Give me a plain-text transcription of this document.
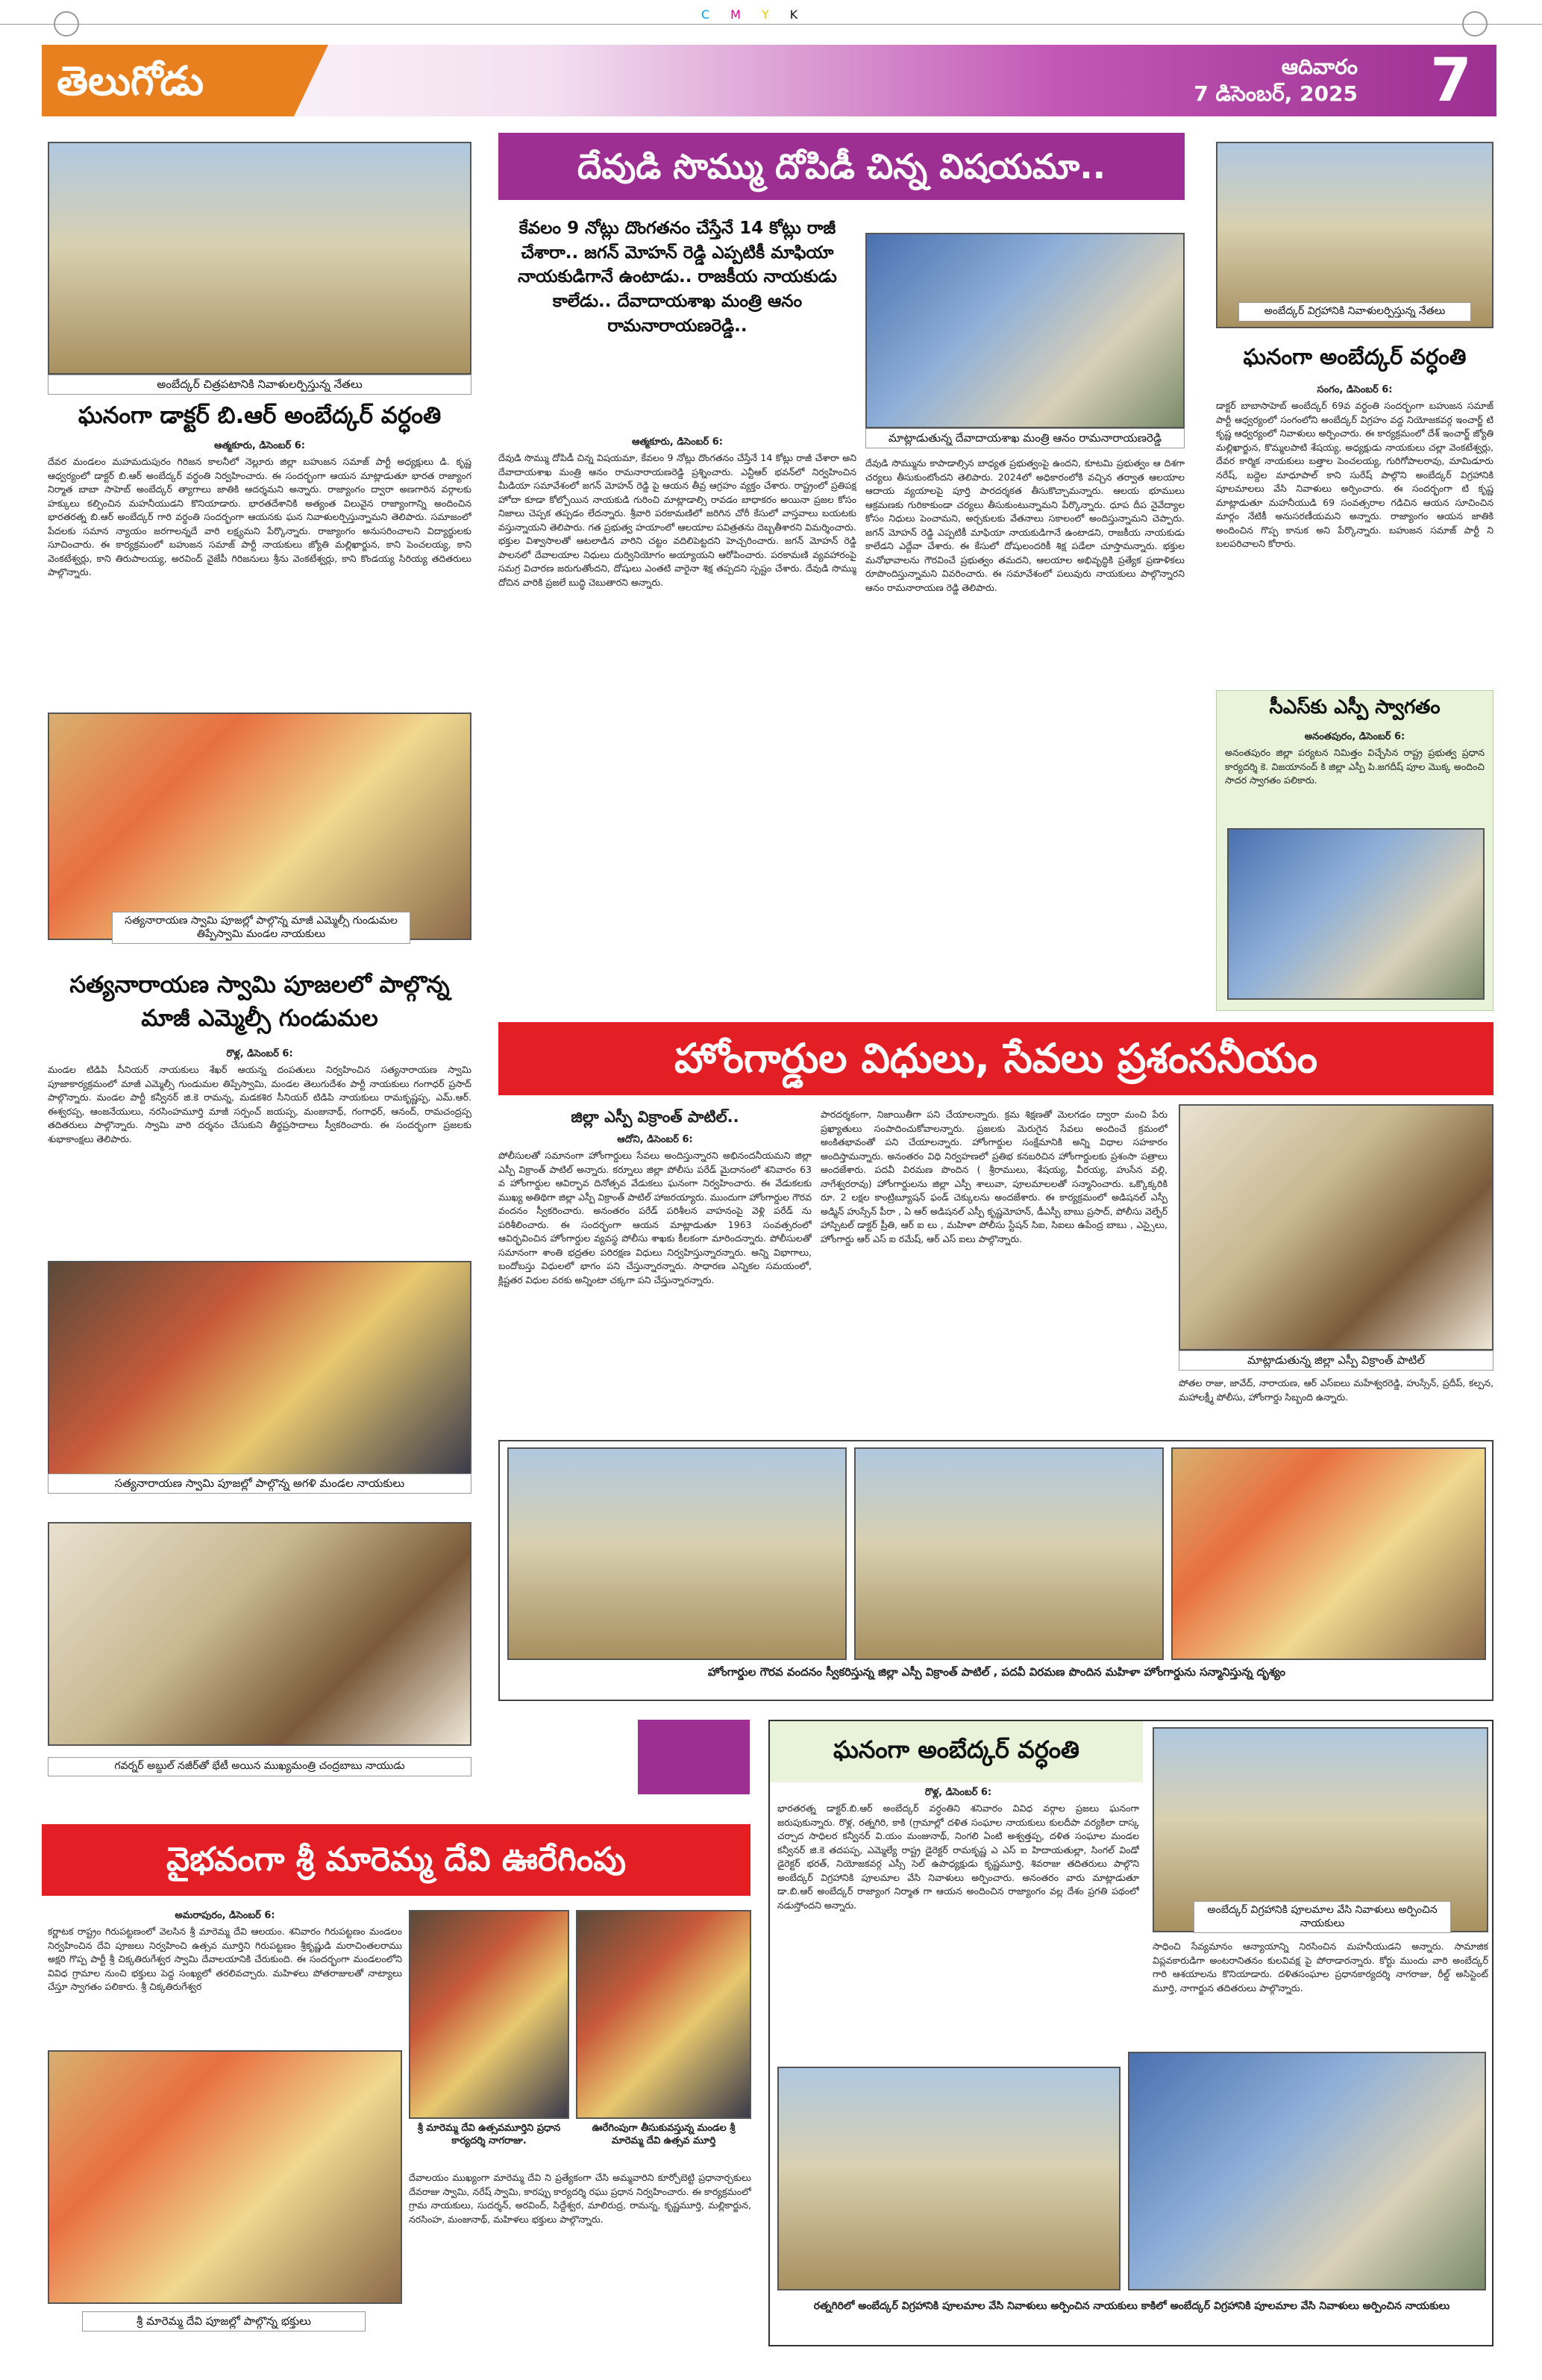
CMYK
తెలుగోడు	ఆదివారం
7 డిసెంబర్, 2025	7
అంబేద్కర్ చిత్రపటానికి నివాళులర్పిస్తున్న నేతలు
ఘనంగా డాక్టర్ బి.ఆర్ అంబేద్కర్ వర్ధంతి
ఆత్మకూరు, డిసెంబర్ 6:
దేవర మండలం మహమదుపురం గిరిజన కాలనీలో నెల్లూరు జిల్లా బహుజన సమాజ్ పార్టీ అధ్యక్షులు డి. కృష్ణ ఆధ్వర్యంలో డాక్టర్ బి.ఆర్ అంబేద్కర్ వర్ధంతి నిర్వహించారు. ఈ సందర్భంగా ఆయన మాట్లాడుతూ భారత రాజ్యాంగ నిర్మాత బాబా సాహెబ్ అంబేద్కర్ త్యాగాలు జాతికి ఆదర్శమని అన్నారు. రాజ్యాంగం ద్వారా అణగారిన వర్గాలకు హక్కులు కల్పించిన మహనీయుడని కొనియాడారు. భారతదేశానికి అత్యంత విలువైన రాజ్యాంగాన్ని అందించిన భారతరత్న బి.ఆర్ అంబేద్కర్ గారి వర్ధంతి సందర్భంగా ఆయనకు ఘన నివాళులర్పిస్తున్నామని తెలిపారు. సమాజంలో పేదలకు సమాన న్యాయం జరగాలన్నదే వారి లక్ష్యమని పేర్కొన్నారు. రాజ్యాంగం అనుసరించాలని విద్యార్థులకు సూచించారు. ఈ కార్యక్రమంలో బహుజన సమాజ్ పార్టీ నాయకులు జ్యోతి మల్లిఖార్జున, కాని పెంచలయ్య, కాని వెంకటేశ్వర్లు, కాని తిరుపాలయ్య, అరవింద్ వైజేపీ గిరిజనులు శ్రీను వెంకటేశ్వర్లు, కాని కొండయ్య సిరియ్య తదితరులు పాల్గొన్నారు.
సత్యనారాయణ స్వామి పూజల్లో పాల్గొన్న మాజీ ఎమ్మెల్సీ గుండుమల తిప్పేస్వామి మండల నాయకులు
సత్యనారాయణ స్వామి పూజలలో పాల్గొన్న మాజీ ఎమ్మెల్సీ గుండుమల
రొళ్ల, డిసెంబర్ 6:
మండల టిడిపి సీనియర్ నాయకులు శేఖర్ ఆయన్న దంపతులు నిర్వహించిన సత్యనారాయణ స్వామి పూజాకార్యక్రమంలో మాజీ ఎమ్మెల్సీ గుండుమల తిప్పేస్వామి, మండల తెలుగుదేశం పార్టీ నాయకులు గంగాధర్ ప్రసాద్ పాల్గొన్నారు. మండల పార్టీ కన్వీనర్ జి.కె రామన్న, మడకశిర సీనియర్ టిడిపి నాయకులు రామకృష్ణప్ప, ఎమ్.ఆర్. ఈశ్వరప్ప, ఆంజనేయులు, నరసింహమూర్తి మాజీ సర్పంచ్ జయప్ప, మంజునాథ్, గంగాధర్, ఆనంద్, రామచంద్రప్ప తదితరులు పాల్గొన్నారు. స్వామి వారి దర్శనం చేసుకుని తీర్థప్రసాదాలు స్వీకరించారు. ఈ సందర్భంగా ప్రజలకు శుభాకాంక్షలు తెలిపారు.
సత్యనారాయణ స్వామి పూజల్లో పాల్గొన్న అగళి మండల నాయకులు
గవర్నర్ అబ్దుల్ నజీర్‌తో భేటీ అయిన ముఖ్యమంత్రి చంద్రబాబు నాయుడు
దేవుడి సొమ్ము దోపిడీ చిన్న విషయమా..
కేవలం 9 నోట్లు దొంగతనం చేస్తేనే 14 కోట్లు రాజీ చేశారా.. జగన్ మోహన్ రెడ్డి ఎప్పటికీ మాఫియా నాయకుడిగానే ఉంటాడు.. రాజకీయ నాయకుడు కాలేడు.. దేవాదాయశాఖ మంత్రి ఆనం రామనారాయణరెడ్డి..
మాట్లాడుతున్న దేవాదాయశాఖ మంత్రి ఆనం రామనారాయణరెడ్డి
ఆత్మకూరు, డిసెంబర్ 6:
దేవుడి సొమ్ము దోపిడీ చిన్న విషయమా, కేవలం 9 నోట్లు దొంగతనం చేస్తేనే 14 కోట్లు రాజీ చేశారా అని దేవాదాయశాఖ మంత్రి ఆనం రామనారాయణరెడ్డి ప్రశ్నించారు. ఎన్టీఆర్ భవన్‌లో నిర్వహించిన మీడియా సమావేశంలో జగన్ మోహన్ రెడ్డి పై ఆయన తీవ్ర ఆగ్రహం వ్యక్తం చేశారు. రాష్ట్రంలో ప్రతిపక్ష హోదా కూడా కోల్పోయిన నాయకుడి గురించి మాట్లాడాల్సి రావడం బాధాకరం అయినా ప్రజల కోసం నిజాలు చెప్పక తప్పడం లేదన్నారు. శ్రీవారి పరకామణిలో జరిగిన చోరీ కేసులో వాస్తవాలు బయటకు వస్తున్నాయని తెలిపారు. గత ప్రభుత్వ హయాంలో ఆలయాల పవిత్రతను దెబ్బతీశారని విమర్శించారు. భక్తుల విశ్వాసాలతో ఆటలాడిన వారిని చట్టం వదిలిపెట్టదని హెచ్చరించారు. జగన్ మోహన్ రెడ్డి పాలనలో దేవాలయాల నిధులు దుర్వినియోగం అయ్యాయని ఆరోపించారు. పరకామణి వ్యవహారంపై సమగ్ర విచారణ జరుగుతోందని, దోషులు ఎంతటి వారైనా శిక్ష తప్పదని స్పష్టం చేశారు. దేవుడి సొమ్ము దోచిన వారికి ప్రజలే బుద్ధి చెబుతారని అన్నారు.
దేవుడి సొమ్మును కాపాడాల్సిన బాధ్యత ప్రభుత్వంపై ఉందని, కూటమి ప్రభుత్వం ఆ దిశగా చర్యలు తీసుకుంటోందని తెలిపారు. 2024లో అధికారంలోకి వచ్చిన తర్వాత ఆలయాల ఆదాయ వ్యయాలపై పూర్తి పారదర్శకత తీసుకొచ్చామన్నారు. ఆలయ భూములు ఆక్రమణకు గురికాకుండా చర్యలు తీసుకుంటున్నామని పేర్కొన్నారు. ధూప దీప నైవేద్యాల కోసం నిధులు పెంచామని, అర్చకులకు వేతనాలు సకాలంలో అందిస్తున్నామని చెప్పారు. జగన్ మోహన్ రెడ్డి ఎప్పటికీ మాఫియా నాయకుడిగానే ఉంటాడని, రాజకీయ నాయకుడు కాలేడని ఎద్దేవా చేశారు. ఈ కేసులో దోషులందరికీ శిక్ష పడేలా చూస్తామన్నారు. భక్తుల మనోభావాలను గౌరవించే ప్రభుత్వం తమదని, ఆలయాల అభివృద్ధికి ప్రత్యేక ప్రణాళికలు రూపొందిస్తున్నామని వివరించారు. ఈ సమావేశంలో పలువురు నాయకులు పాల్గొన్నారని ఆనం రామనారాయణ రెడ్డి తెలిపారు.
అంబేద్కర్ విగ్రహానికి నివాళులర్పిస్తున్న నేతలు
ఘనంగా అంబేద్కర్ వర్ధంతి
సంగం, డిసెంబర్ 6:
డాక్టర్ బాబాసాహెబ్ అంబేద్కర్ 69వ వర్ధంతి సందర్భంగా బహుజన సమాజ్ పార్టీ ఆధ్వర్యంలో సంగంలోని అంబేద్కర్ విగ్రహం వద్ద నియోజకవర్గ ఇంచార్జ్ టి కృష్ణ ఆధ్వర్యంలో నివాళులు అర్పించారు. ఈ కార్యక్రమంలో దేశ్ ఇంచార్జ్ జ్యోతి మల్లిఖార్జున, కొమ్మలపాటి శేషయ్య, అధ్యక్షుడు నాయకులు చల్లా వెంకటేశ్వర్లు, దేవర కార్మిక నాయకులు బత్తాల పెంచలయ్య, గురిగోపాలరావు, మామిడూరు నరేష్, బద్దెల మాధూపాల్ కాని సురేష్ పాల్గొని అంబేద్కర్ విగ్రహానికి పూలమాలలు వేసి నివాళులు అర్పించారు. ఈ సందర్భంగా టి కృష్ణ మాట్లాడుతూ మహనీయుడి 69 సంవత్సరాల గడిచిన ఆయన సూచించిన మార్గం నేటికీ అనుసరణీయమని అన్నారు. రాజ్యాంగం ఆయన జాతికి అందించిన గొప్ప కానుక అని పేర్కొన్నారు. బహుజన సమాజ్ పార్టీ ని బలపరిచాలని కోరారు.
సీఎస్‌కు ఎస్పీ స్వాగతం
అనంతపురం, డిసెంబర్ 6:
అనంతపురం జిల్లా పర్యటన నిమిత్తం విచ్చేసిన రాష్ట్ర ప్రభుత్వ ప్రధాన కార్యదర్శి కె. విజయానంద్ కి జిల్లా ఎస్పీ పి.జగదీష్ పూల మొక్క అందించి సాదర స్వాగతం పలికారు.
హోంగార్డుల విధులు, సేవలు ప్రశంసనీయం
జిల్లా ఎస్పీ విక్రాంత్ పాటిల్..
ఆదోని, డిసెంబర్ 6:
పోలీసులతో సమానంగా హోంగార్డులు సేవలు అందిస్తున్నారని అభినందనీయమని జిల్లా ఎస్పీ విక్రాంత్ పాటిల్ అన్నారు. కర్నూలు జిల్లా పోలీసు పరేడ్ మైదానంలో శనివారం 63 వ హోంగార్డుల ఆవిర్భావ దినోత్సవ వేడుకలు ఘనంగా నిర్వహించారు. ఈ వేడుకలకు ముఖ్య అతిథిగా జిల్లా ఎస్పీ విక్రాంత్ పాటిల్ హాజరయ్యారు. ముందుగా హోంగార్డుల గౌరవ వందనం స్వీకరించారు. అనంతరం పరేడ్ పరిశీలన వాహనంపై వెళ్లి పరేడ్ ను పరిశీలించారు. ఈ సందర్భంగా ఆయన మాట్లాడుతూ 1963 సంవత్సరంలో ఆవిర్భవించిన హోంగార్డుల వ్యవస్థ పోలీసు శాఖకు కీలకంగా మారిందన్నారు. పోలీసులతో సమానంగా శాంతి భద్రతల పరిరక్షణ విధులు నిర్వహిస్తున్నారన్నారు. అన్ని విభాగాలు, బందోబస్తు విధులలో భాగం పని చేస్తున్నారన్నారు. సాధారణ ఎన్నికల సమయంలో, క్లిష్టతర విధుల వరకు అన్నింటా చక్కగా పని చేస్తున్నారన్నారు.
పారదర్శకంగా, నిజాయితీగా పని చేయాలన్నారు. క్రమ శిక్షణతో మెలగడం ద్వారా మంచి పేరు ప్రఖ్యాతులు సంపాదించుకోవాలన్నారు. ప్రజలకు మెరుగైన సేవలు అందించే క్రమంలో అంకితభావంతో పని చేయాలన్నారు. హోంగార్డుల సంక్షేమానికి అన్ని విధాల సహకారం అందిస్తామన్నారు. అనంతరం విధి నిర్వహణలో ప్రతిభ కనబరిచిన హోంగార్డులకు ప్రశంసా పత్రాలు అందజేశారు. పదవీ విరమణ పొందిన ( శ్రీరాములు, శేషయ్య, వీరయ్య, హుసేన వల్లి, నాగేశ్వరరావు) హోంగార్డులను జిల్లా ఎస్పీ శాలువా, పూలమాలలతో సన్మానించారు. ఒక్కొక్కరికి రూ. 2 లక్షల కాంట్రిబ్యూషన్ ఫండ్ చెక్కులను అందజేశారు. ఈ కార్యక్రమంలో అడిషనల్ ఎస్పీ అడ్మిన్ హుస్సేన్ పీరా , ఏ ఆర్ అడిషనల్ ఎస్పీ కృష్ణమోహన్, డీఎస్పీ బాబు ప్రసాద్, పోలీసు వెల్ఫేర్ హాస్పిటల్ డాక్టర్ ప్రీతి, ఆర్ ఐ లు , మహిళా పోలీసు స్టేషన్ సిఐ, సిఐలు ఉపేంద్ర బాబు , ఎస్సైలు, హోంగార్డు ఆర్ ఎస్ ఐ రమేష్, ఆర్ ఎస్ ఐలు పాల్గొన్నారు.
మాట్లాడుతున్న జిల్లా ఎస్పీ విక్రాంత్ పాటిల్
పోతల రాజు, జావేద్, నారాయణ, ఆర్ ఎస్ఐలు మహేశ్వరరెడ్డి, హుస్సేన్, ప్రదీప్, కల్పన, మహాలక్ష్మీ పోలీసు, హోంగార్డు సిబ్బంది ఉన్నారు.
హోంగార్డుల గౌరవ వందనం స్వీకరిస్తున్న జిల్లా ఎస్పీ విక్రాంత్ పాటిల్ , పదవీ విరమణ పొందిన మహిళా హోంగార్డును సన్మానిస్తున్న దృశ్యం
వైభవంగా శ్రీ మారెమ్మ దేవి ఊరేగింపు
అమరాపురం, డిసెంబర్ 6:
కర్ణాటక రాష్ట్రం గిరుపట్టణంలో వెలసిన శ్రీ మారెమ్మ దేవి ఆలయం. శనివారం గిరుపట్టణం మండలం నిర్వహించిన దేవి పూజలు నిర్వహించి ఉత్సవ మూర్తిని గిరుపట్టణం శ్రీకృష్ణుడి మరాచింతలరాము అక్షరి గొప్ప పార్టీ శ్రీ చిక్కతిరుగేశ్వర స్వామి దేవాలయానికి చేరుకుంది. ఈ సందర్భంగా మండలంలోని వివిధ గ్రామాల నుంచి భక్తులు పెద్ద సంఖ్యలో తరలివచ్చారు. మహిళలు పోతరాజులతో నాట్యాలు చేస్తూ స్వాగతం పలికారు. శ్రీ చిక్కతిరుగేశ్వర
శ్రీ మారెమ్మ దేవి పూజల్లో పాల్గొన్న భక్తులు
శ్రీ మారెమ్మ దేవి ఉత్సవమూర్తిని ప్రధాన కార్యదర్శి నాగరాజు.
ఊరేగింపుగా తీసుకువస్తున్న మండల శ్రీ మారెమ్మ దేవి ఉత్సవ మూర్తి
దేవాలయం ముఖ్యంగా మారెమ్మ దేవి ని ప్రత్యేకంగా చేసి అమ్మవారిని కూర్చోబెట్టి ప్రధానార్చకులు దేవరాజు స్వామి, నరేష్ స్వామి, కారప్పు కార్యదర్శి రఘు ప్రధాన నిర్వహించారు. ఈ కార్యక్రమంలో గ్రామ నాయకులు, సుదర్శన్, అరవింద్, సిద్దేశ్వర, మాలిరుద్ర, రామన్న, కృష్ణమూర్తి, మల్లికార్జున, నరసింహ, మంజునాథ్, మహిళలు భక్తులు పాల్గొన్నారు.
ఘనంగా అంబేద్కర్ వర్ధంతి
రొళ్ల, డిసెంబర్ 6:
భారతరత్న డాక్టర్.బి.ఆర్ అంబేద్కర్ వర్ధంతిని శనివారం వివిధ వర్గాల ప్రజలు ఘనంగా జరుపుకున్నారు. రొళ్ల, రత్నగిరి, కాకి (గ్రామాల్లో దళిత సంఘాల నాయకులు కులదీపా వర్యకిలా దాస్క చర్చాద సాధిలర కన్వీనర్ వి.యం మంజునాథ్, నింగలి ఏంటి అశ్వత్తప్ప, దళిత సంఘాల మండల కన్వీనర్ జి.కె తదపప్ప, ఎమ్మెల్యే రాష్ట్ర డైరెక్టర్ రామకృష్ణ ఎ ఎస్ ఐ హిదాయతుల్లా, సింగల్ విండో డైరెక్టర్ భరత్, నియోజకవర్గ ఎస్సీ సెల్ ఉపాధ్యక్షుడు కృష్ణమూర్తి, శివరాజు తదితరులు పాల్గొని అంబేద్కర్ విగ్రహానికి పూలమాల వేసి నివాళులు అర్పించారు. అనంతరం వారు మాట్లాడుతూ డా.బి.ఆర్ అంబేద్కర్ రాజ్యాంగ నిర్మాత గా ఆయన అందించిన రాజ్యాంగం వల్ల దేశం ప్రగతి పథంలో నడుస్తోందని అన్నారు.	అంబేద్కర్ విగ్రహానికి పూలమాల వేసి నివాళులు అర్పించిన నాయకులు
సాధించి సేవ్యమానం ఆన్యాయాన్ని నిరసించిన మహనీయుడని అన్నారు. సామాజిక విప్లవకారుడిగా అంటరానితనం కులవివక్ష పై పోరాడారన్నారు. కోర్టు ముందు వారి అంబేద్కర్ గారి ఆశయాలను కొనియాడారు. దళితసంఘాల ప్రధానకార్యదర్శి నాగరాజు, రీల్డ్ అసిస్టెంట్ మూర్తి, నాగార్జున తదితరులు పాల్గొన్నారు.
రత్నగిరిలో అంబేద్కర్ విగ్రహానికి పూలమాల వేసి నివాళులు అర్పించిన నాయకులు కాకిలో అంబేద్కర్ విగ్రహానికి పూలమాల వేసి నివాళులు అర్పించిన నాయకులు
